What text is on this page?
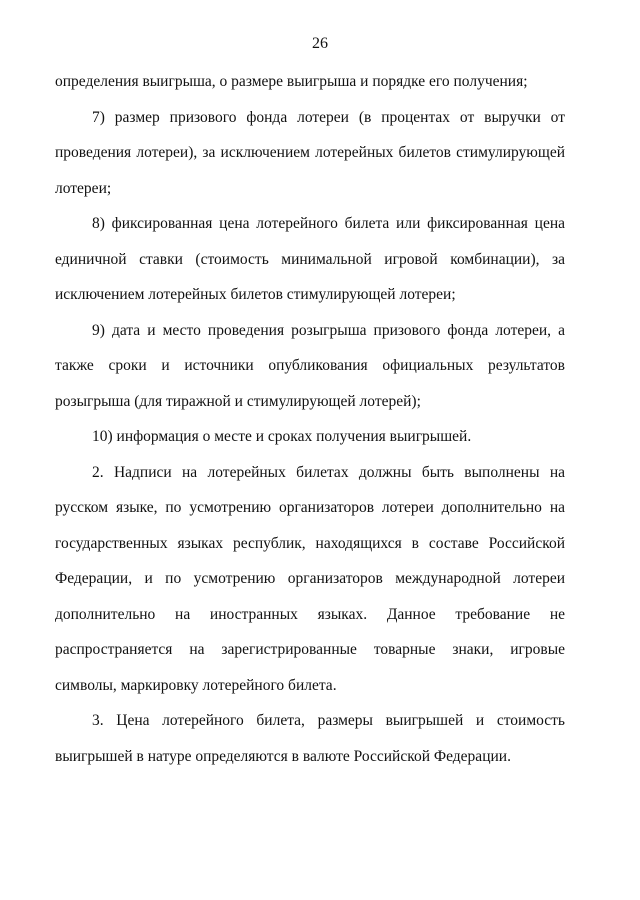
26

определения выигрыша, о размере выигрыша и порядке его получения;

7) размер призового фонда лотереи (в процентах от выручки от проведения лотереи), за исключением лотерейных билетов стимулирующей лотереи;

8) фиксированная цена лотерейного билета или фиксированная цена единичной ставки (стоимость минимальной игровой комбинации), за исключением лотерейных билетов стимулирующей лотереи;

9) дата и место проведения розыгрыша призового фонда лотереи, а также сроки и источники опубликования официальных результатов розыгрыша (для тиражной и стимулирующей лотерей);

10) информация о месте и сроках получения выигрышей.

2. Надписи на лотерейных билетах должны быть выполнены на русском языке, по усмотрению организаторов лотереи дополнительно на государственных языках республик, находящихся в составе Российской Федерации, и по усмотрению организаторов международной лотереи дополнительно на иностранных языках. Данное требование не распространяется на зарегистрированные товарные знаки, игровые символы, маркировку лотерейного билета.

3. Цена лотерейного билета, размеры выигрышей и стоимость выигрышей в натуре определяются в валюте Российской Федерации.
